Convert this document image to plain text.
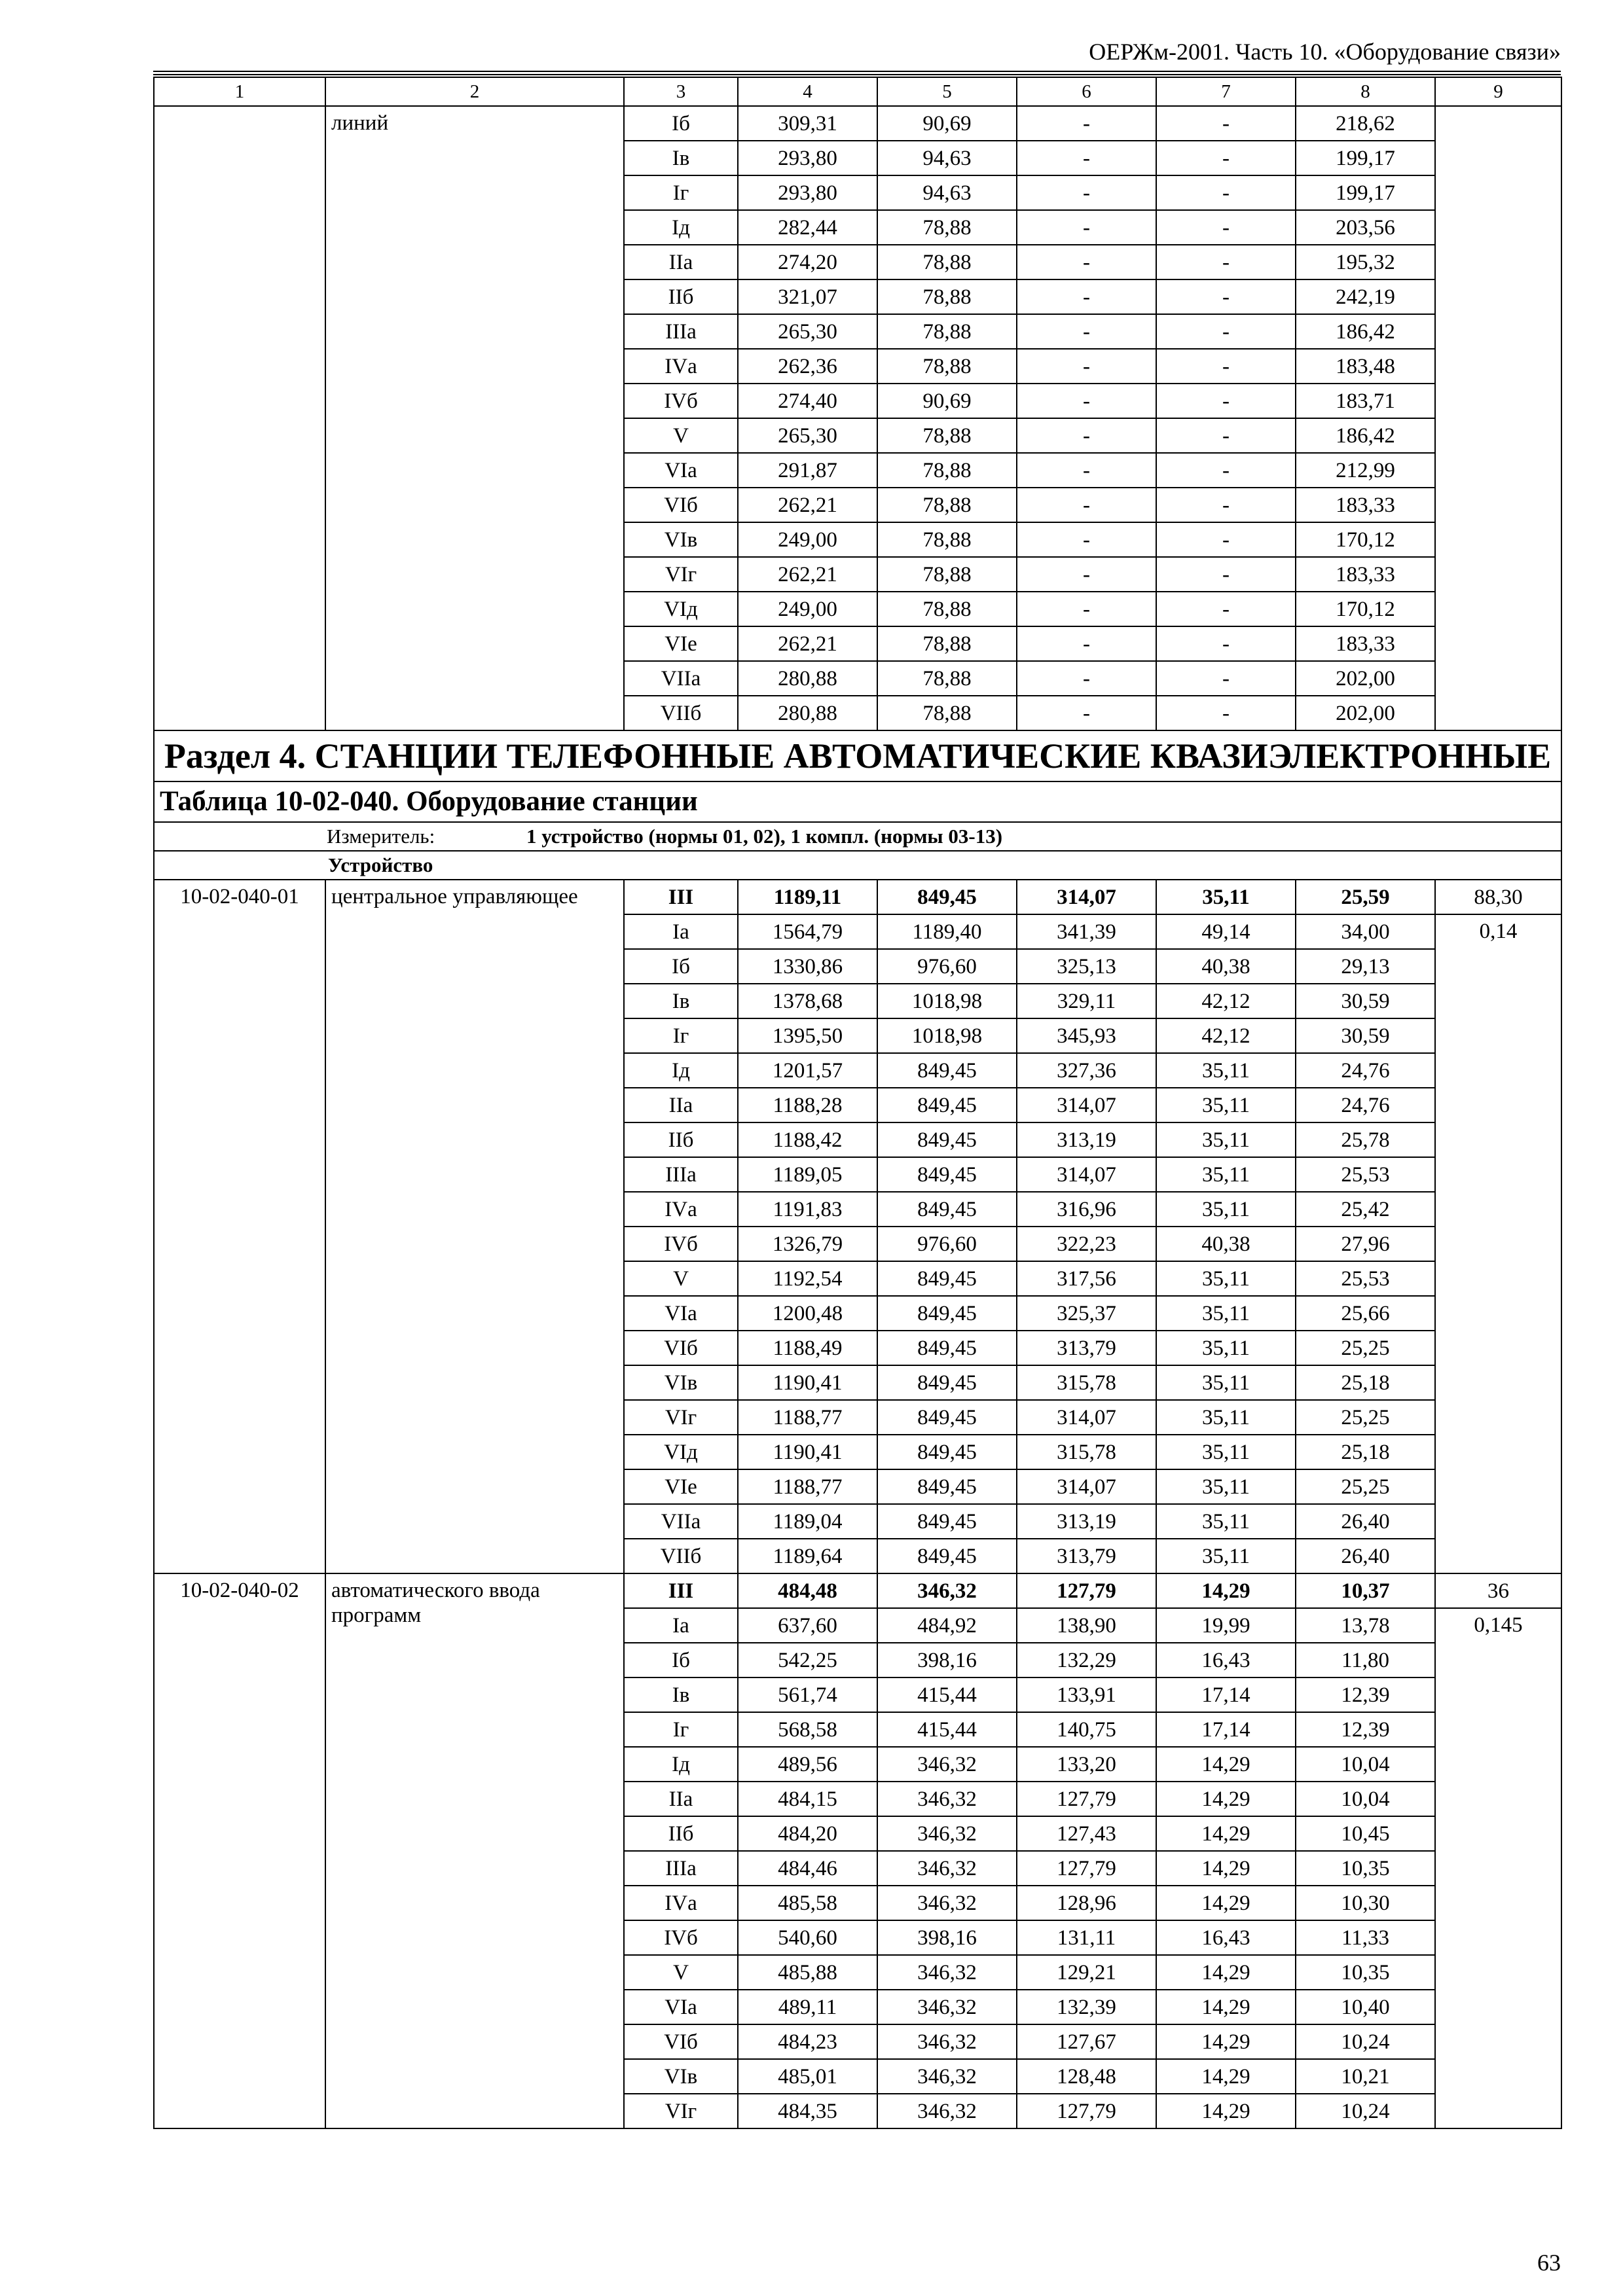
ОЕРЖм-2001. Часть 10. «Оборудование связи»
1	2	3	4	5	6	7	8	9
	линий	Iб	309,31	90,69	-	-	218,62	
		Iв	293,80	94,63	-	-	199,17	
		Iг	293,80	94,63	-	-	199,17	
		Iд	282,44	78,88	-	-	203,56	
		IIа	274,20	78,88	-	-	195,32	
		IIб	321,07	78,88	-	-	242,19	
		IIIа	265,30	78,88	-	-	186,42	
		IVа	262,36	78,88	-	-	183,48	
		IVб	274,40	90,69	-	-	183,71	
		V	265,30	78,88	-	-	186,42	
		VIа	291,87	78,88	-	-	212,99	
		VIб	262,21	78,88	-	-	183,33	
		VIв	249,00	78,88	-	-	170,12	
		VIг	262,21	78,88	-	-	183,33	
		VIд	249,00	78,88	-	-	170,12	
		VIе	262,21	78,88	-	-	183,33	
		VIIа	280,88	78,88	-	-	202,00	
		VIIб	280,88	78,88	-	-	202,00	
Раздел 4. СТАНЦИИ ТЕЛЕФОННЫЕ АВТОМАТИЧЕСКИЕ КВАЗИЭЛЕКТРОННЫЕ								
Таблица 10-02-040. Оборудование станции								
Измеритель: 1 устройство (нормы 01, 02), 1 компл. (нормы 03-13)								
Устройство								
10-02-040-01	центральное управляющее	III	1189,11	849,45	314,07	35,11	25,59	88,30
		Iа	1564,79	1189,40	341,39	49,14	34,00	0,14
		Iб	1330,86	976,60	325,13	40,38	29,13	
		Iв	1378,68	1018,98	329,11	42,12	30,59	
		Iг	1395,50	1018,98	345,93	42,12	30,59	
		Iд	1201,57	849,45	327,36	35,11	24,76	
		IIа	1188,28	849,45	314,07	35,11	24,76	
		IIб	1188,42	849,45	313,19	35,11	25,78	
		IIIа	1189,05	849,45	314,07	35,11	25,53	
		IVа	1191,83	849,45	316,96	35,11	25,42	
		IVб	1326,79	976,60	322,23	40,38	27,96	
		V	1192,54	849,45	317,56	35,11	25,53	
		VIа	1200,48	849,45	325,37	35,11	25,66	
		VIб	1188,49	849,45	313,79	35,11	25,25	
		VIв	1190,41	849,45	315,78	35,11	25,18	
		VIг	1188,77	849,45	314,07	35,11	25,25	
		VIд	1190,41	849,45	315,78	35,11	25,18	
		VIе	1188,77	849,45	314,07	35,11	25,25	
		VIIа	1189,04	849,45	313,19	35,11	26,40	
		VIIб	1189,64	849,45	313,79	35,11	26,40	
10-02-040-02	автоматического ввода программ	III	484,48	346,32	127,79	14,29	10,37	36
		Iа	637,60	484,92	138,90	19,99	13,78	0,145
		Iб	542,25	398,16	132,29	16,43	11,80	
		Iв	561,74	415,44	133,91	17,14	12,39	
		Iг	568,58	415,44	140,75	17,14	12,39	
		Iд	489,56	346,32	133,20	14,29	10,04	
		IIа	484,15	346,32	127,79	14,29	10,04	
		IIб	484,20	346,32	127,43	14,29	10,45	
		IIIа	484,46	346,32	127,79	14,29	10,35	
		IVа	485,58	346,32	128,96	14,29	10,30	
		IVб	540,60	398,16	131,11	16,43	11,33	
		V	485,88	346,32	129,21	14,29	10,35	
		VIа	489,11	346,32	132,39	14,29	10,40	
		VIб	484,23	346,32	127,67	14,29	10,24	
		VIв	485,01	346,32	128,48	14,29	10,21	
		VIг	484,35	346,32	127,79	14,29	10,24	
63
